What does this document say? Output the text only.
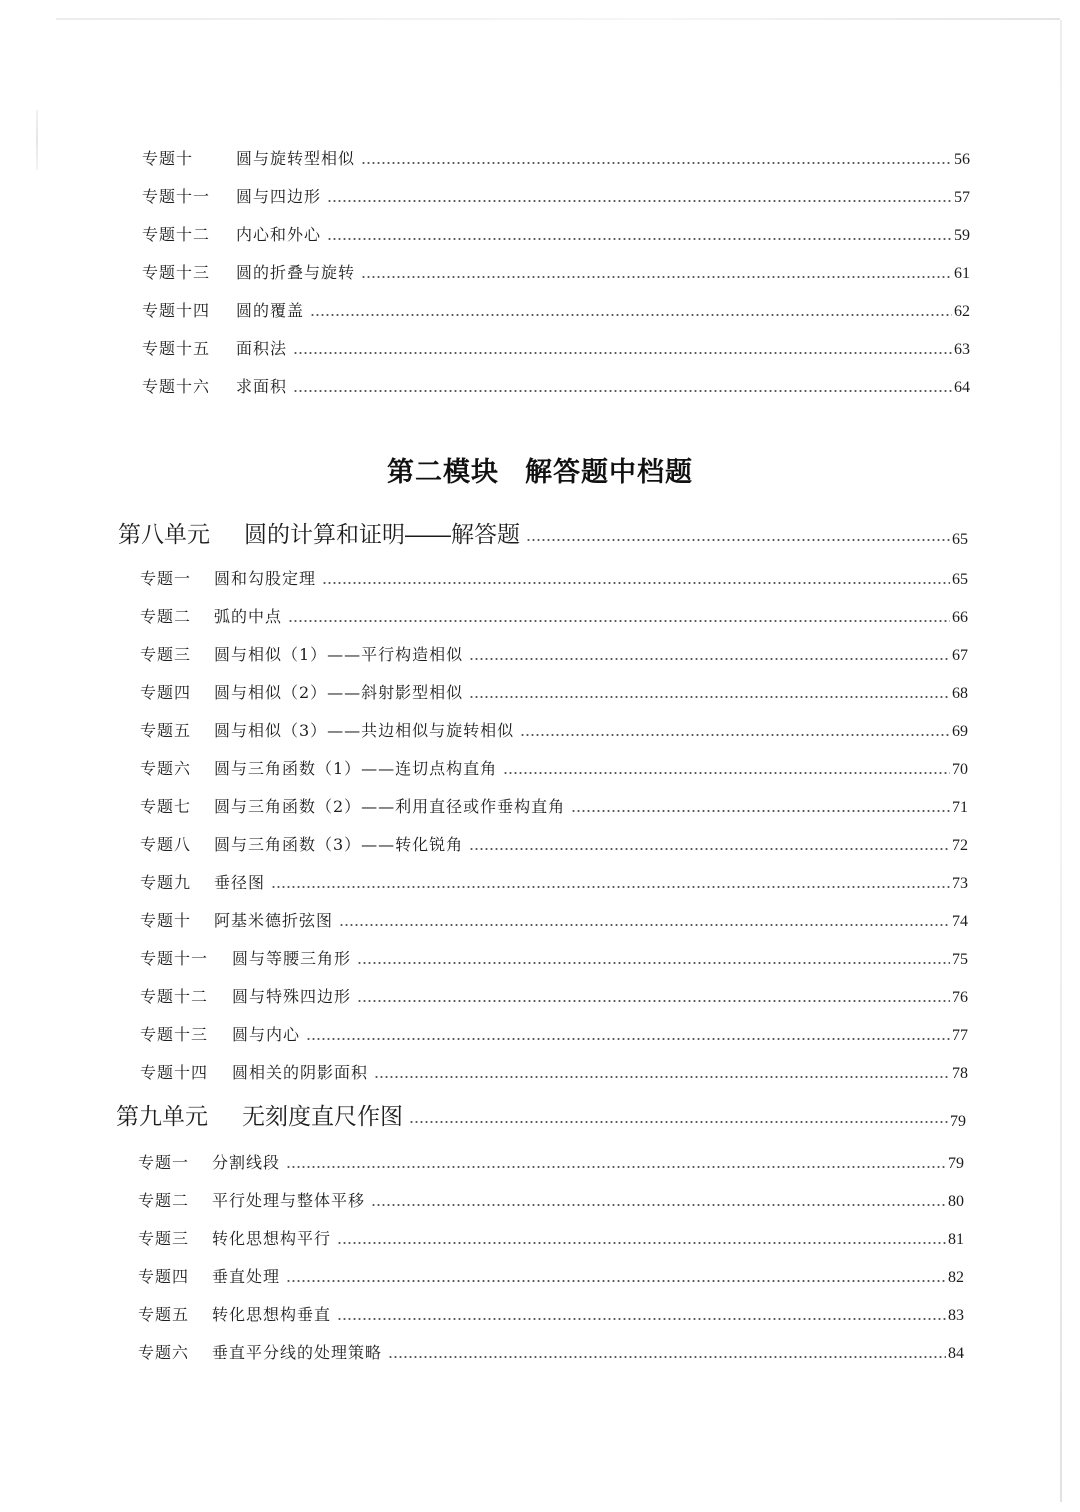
专题十	圆与旋转型相似	56
专题十一	圆与四边形	57
专题十二	内心和外心	59
专题十三	圆的折叠与旋转	61
专题十四	圆的覆盖	62
专题十五	面积法	63
专题十六	求面积	64
第二模块 解答题中档题
第八单元	圆的计算和证明——解答题	65
专题一	圆和勾股定理	65
专题二	弧的中点	66
专题三	圆与相似（1）——平行构造相似	67
专题四	圆与相似（2）——斜射影型相似	68
专题五	圆与相似（3）——共边相似与旋转相似	69
专题六	圆与三角函数（1）——连切点构直角	70
专题七	圆与三角函数（2）——利用直径或作垂构直角	71
专题八	圆与三角函数（3）——转化锐角	72
专题九	垂径图	73
专题十	阿基米德折弦图	74
专题十一	圆与等腰三角形	75
专题十二	圆与特殊四边形	76
专题十三	圆与内心	77
专题十四	圆相关的阴影面积	78
第九单元	无刻度直尺作图	79
专题一	分割线段	79
专题二	平行处理与整体平移	80
专题三	转化思想构平行	81
专题四	垂直处理	82
专题五	转化思想构垂直	83
专题六	垂直平分线的处理策略	84
